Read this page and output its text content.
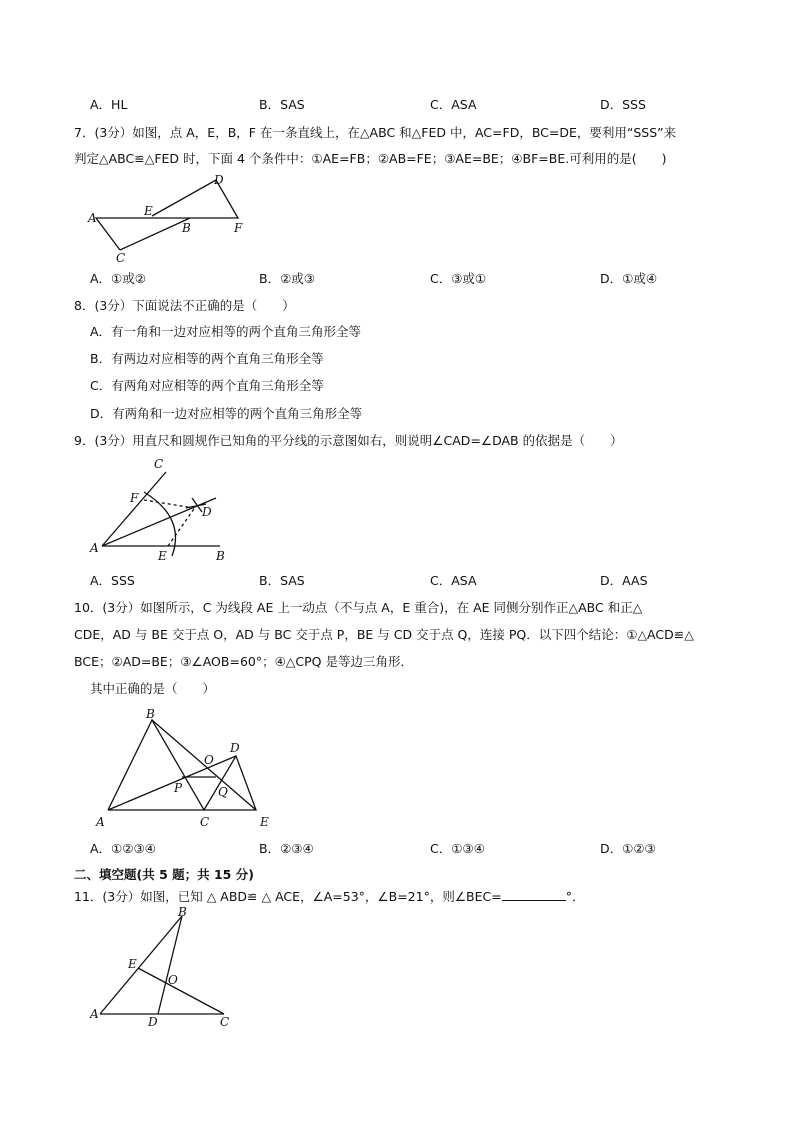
A．HL	B．SAS	C．ASA	D．SSS
7．(3分）如图，点 A，E，B，F 在一条直线上，在△ABC 和△FED 中，AC=FD，BC=DE，要利用“SSS”来
判定△ABC≌△FED 时，下面 4 个条件中：①AE=FB；②AB=FE；③AE=BE；④BF=BE.可利用的是(　　)
A	E
B	F
D
C
A．①或②	B．②或③	C．③或①	D．①或④
8．(3分）下面说法不正确的是（　　）
A．有一角和一边对应相等的两个直角三角形全等
B．有两边对应相等的两个直角三角形全等
C．有两角对应相等的两个直角三角形全等
D．有两角和一边对应相等的两个直角三角形全等
9．(3分）用直尺和圆规作已知角的平分线的示意图如右，则说明∠CAD=∠DAB 的依据是（　　）
C
F
D
A
E	B
A．SSS	B．SAS	C．ASA	D．AAS
10．(3分）如图所示，C 为线段 AE 上一动点（不与点 A，E 重合)，在 AE 同侧分别作正△ABC 和正△
CDE，AD 与 BE 交于点 O，AD 与 BC 交于点 P，BE 与 CD 交于点 Q，连接 PQ．以下四个结论：①△ACD≌△
BCE；②AD=BE；③∠AOB=60°；④△CPQ 是等边三角形．
其中正确的是（　　）
B
D
O
P	Q
A	C	E
A．①②③④	B．②③④	C．①③④	D．①②③
二、填空题(共 5 题；共 15 分)
11．(3分）如图，已知 △ ABD≌ △ ACE，∠A=53°，∠B=21°，则∠BEC=	°．
B
E
O
A
D	C
